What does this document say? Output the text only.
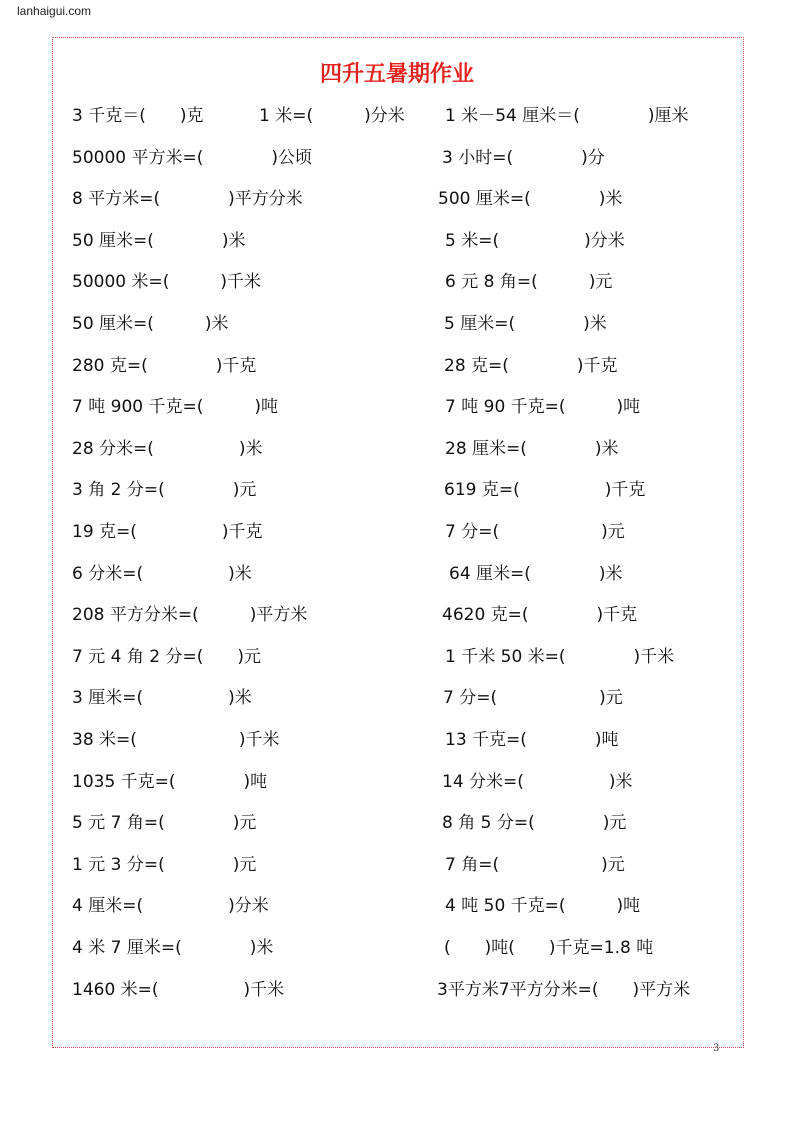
lanhaigui.com
四升五暑期作业
3 千克＝(　　)克	1 米=(　　　)分米 1 米－54 厘米＝(　　　　)厘米
50000 平方米=(　　　　)公顷	3 小时=(　　　　)分
8 平方米=(　　　　)平方分米	500 厘米=(　　　　)米
50 厘米=(　　　　)米	5 米=(　　　　　)分米
50000 米=(　　　)千米	6 元 8 角=(　　　)元
50 厘米=(　　　)米	5 厘米=(　　　　)米
280 克=(　　　　)千克	28 克=(　　　　)千克
7 吨 900 千克=(　　　)吨	7 吨 90 千克=(　　　)吨
28 分米=(　　　　　)米	28 厘米=(　　　　)米
3 角 2 分=(　　　　)元	619 克=(　　　　　)千克
19 克=(　　　　　)千克	7 分=(　　　　　　)元
6 分米=(　　　　　)米	64 厘米=(　　　　)米
208 平方分米=(　　　)平方米	4620 克=(　　　　)千克
7 元 4 角 2 分=(　　)元	1 千米 50 米=(　　　　)千米
3 厘米=(　　　　　)米	7 分=(　　　　　　)元
38 米=(　　　　　　)千米	13 千克=(　　　　)吨
1035 千克=(　　　　)吨	14 分米=(　　　　　)米
5 元 7 角=(　　　　)元	8 角 5 分=(　　　　)元
1 元 3 分=(　　　　)元	7 角=(　　　　　　)元
4 厘米=(　　　　　)分米	4 吨 50 千克=(　　　)吨
4 米 7 厘米=(　　　　)米	(　　)吨(　　)千克=1.8 吨
1460 米=(　　　　　)千米	3平方米7平方分米=(　　)平方米
3
